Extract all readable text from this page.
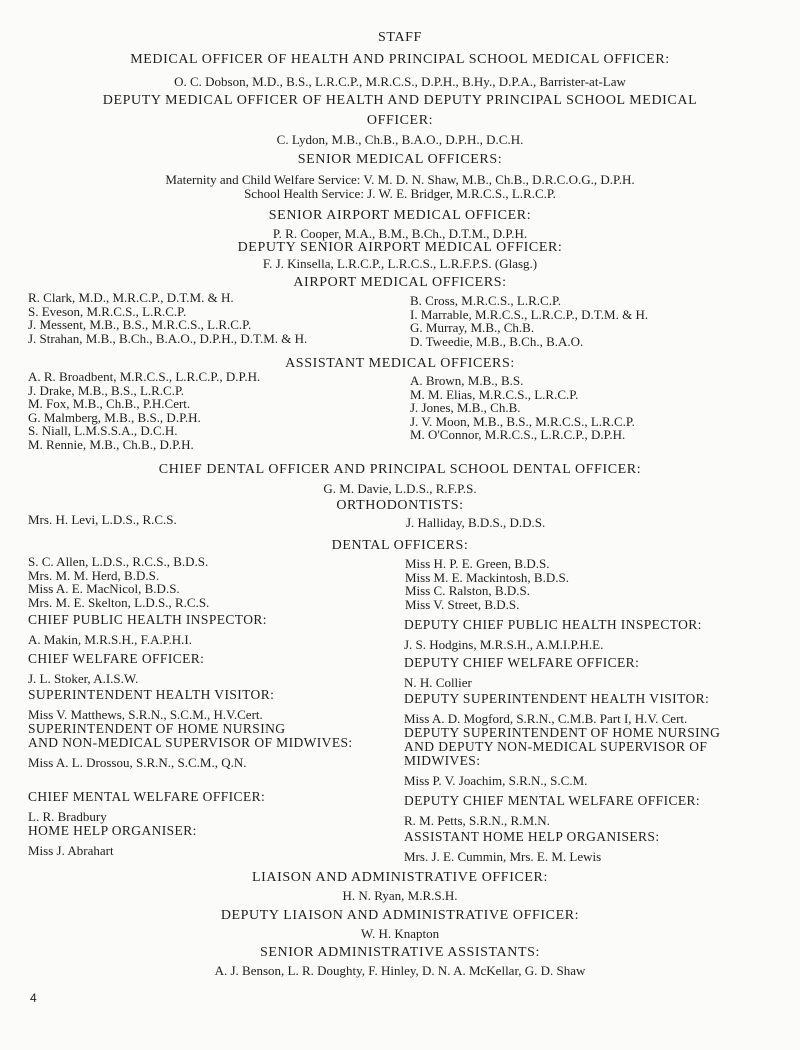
STAFF
MEDICAL OFFICER OF HEALTH AND PRINCIPAL SCHOOL MEDICAL OFFICER:
O. C. Dobson, M.D., B.S., L.R.C.P., M.R.C.S., D.P.H., B.Hy., D.P.A., Barrister-at-Law
DEPUTY MEDICAL OFFICER OF HEALTH AND DEPUTY PRINCIPAL SCHOOL MEDICAL
OFFICER:
C. Lydon, M.B., Ch.B., B.A.O., D.P.H., D.C.H.
SENIOR MEDICAL OFFICERS:
Maternity and Child Welfare Service: V. M. D. N. Shaw, M.B., Ch.B., D.R.C.O.G., D.P.H.
School Health Service: J. W. E. Bridger, M.R.C.S., L.R.C.P.
SENIOR AIRPORT MEDICAL OFFICER:
P. R. Cooper, M.A., B.M., B.Ch., D.T.M., D.P.H.
DEPUTY SENIOR AIRPORT MEDICAL OFFICER:
F. J. Kinsella, L.R.C.P., L.R.C.S., L.R.F.P.S. (Glasg.)
AIRPORT MEDICAL OFFICERS:
R. Clark, M.D., M.R.C.P., D.T.M. & H.
S. Eveson, M.R.C.S., L.R.C.P.
J. Messent, M.B., B.S., M.R.C.S., L.R.C.P.
J. Strahan, M.B., B.Ch., B.A.O., D.P.H., D.T.M. & H.
B. Cross, M.R.C.S., L.R.C.P.
I. Marrable, M.R.C.S., L.R.C.P., D.T.M. & H.
G. Murray, M.B., Ch.B.
D. Tweedie, M.B., B.Ch., B.A.O.
ASSISTANT MEDICAL OFFICERS:
A. R. Broadbent, M.R.C.S., L.R.C.P., D.P.H.
J. Drake, M.B., B.S., L.R.C.P.
M. Fox, M.B., Ch.B., P.H.Cert.
G. Malmberg, M.B., B.S., D.P.H.
S. Niall, L.M.S.S.A., D.C.H.
M. Rennie, M.B., Ch.B., D.P.H.
A. Brown, M.B., B.S.
M. M. Elias, M.R.C.S., L.R.C.P.
J. Jones, M.B., Ch.B.
J. V. Moon, M.B., B.S., M.R.C.S., L.R.C.P.
M. O'Connor, M.R.C.S., L.R.C.P., D.P.H.
CHIEF DENTAL OFFICER AND PRINCIPAL SCHOOL DENTAL OFFICER:
G. M. Davie, L.D.S., R.F.P.S.
ORTHODONTISTS:
Mrs. H. Levi, L.D.S., R.C.S.	J. Halliday, B.D.S., D.D.S.
DENTAL OFFICERS:
S. C. Allen, L.D.S., R.C.S., B.D.S.
Mrs. M. M. Herd, B.D.S.
Miss A. E. MacNicol, B.D.S.
Mrs. M. E. Skelton, L.D.S., R.C.S.
Miss H. P. E. Green, B.D.S.
Miss M. E. Mackintosh, B.D.S.
Miss C. Ralston, B.D.S.
Miss V. Street, B.D.S.
CHIEF PUBLIC HEALTH INSPECTOR:
A. Makin, M.R.S.H., F.A.P.H.I.
DEPUTY CHIEF PUBLIC HEALTH INSPECTOR:
J. S. Hodgins, M.R.S.H., A.M.I.P.H.E.
CHIEF WELFARE OFFICER:
J. L. Stoker, A.I.S.W.
DEPUTY CHIEF WELFARE OFFICER:
N. H. Collier
SUPERINTENDENT HEALTH VISITOR:
Miss V. Matthews, S.R.N., S.C.M., H.V.Cert.
DEPUTY SUPERINTENDENT HEALTH VISITOR:
Miss A. D. Mogford, S.R.N., C.M.B. Part I, H.V. Cert.
SUPERINTENDENT OF HOME NURSING
AND NON-MEDICAL SUPERVISOR OF MIDWIVES:
Miss A. L. Drossou, S.R.N., S.C.M., Q.N.
DEPUTY SUPERINTENDENT OF HOME NURSING
AND DEPUTY NON-MEDICAL SUPERVISOR OF
MIDWIVES:
Miss P. V. Joachim, S.R.N., S.C.M.
CHIEF MENTAL WELFARE OFFICER:
L. R. Bradbury
DEPUTY CHIEF MENTAL WELFARE OFFICER:
R. M. Petts, S.R.N., R.M.N.
HOME HELP ORGANISER:
Miss J. Abrahart
ASSISTANT HOME HELP ORGANISERS:
Mrs. J. E. Cummin, Mrs. E. M. Lewis
LIAISON AND ADMINISTRATIVE OFFICER:
H. N. Ryan, M.R.S.H.
DEPUTY LIAISON AND ADMINISTRATIVE OFFICER:
W. H. Knapton
SENIOR ADMINISTRATIVE ASSISTANTS:
A. J. Benson, L. R. Doughty, F. Hinley, D. N. A. McKellar, G. D. Shaw
4
